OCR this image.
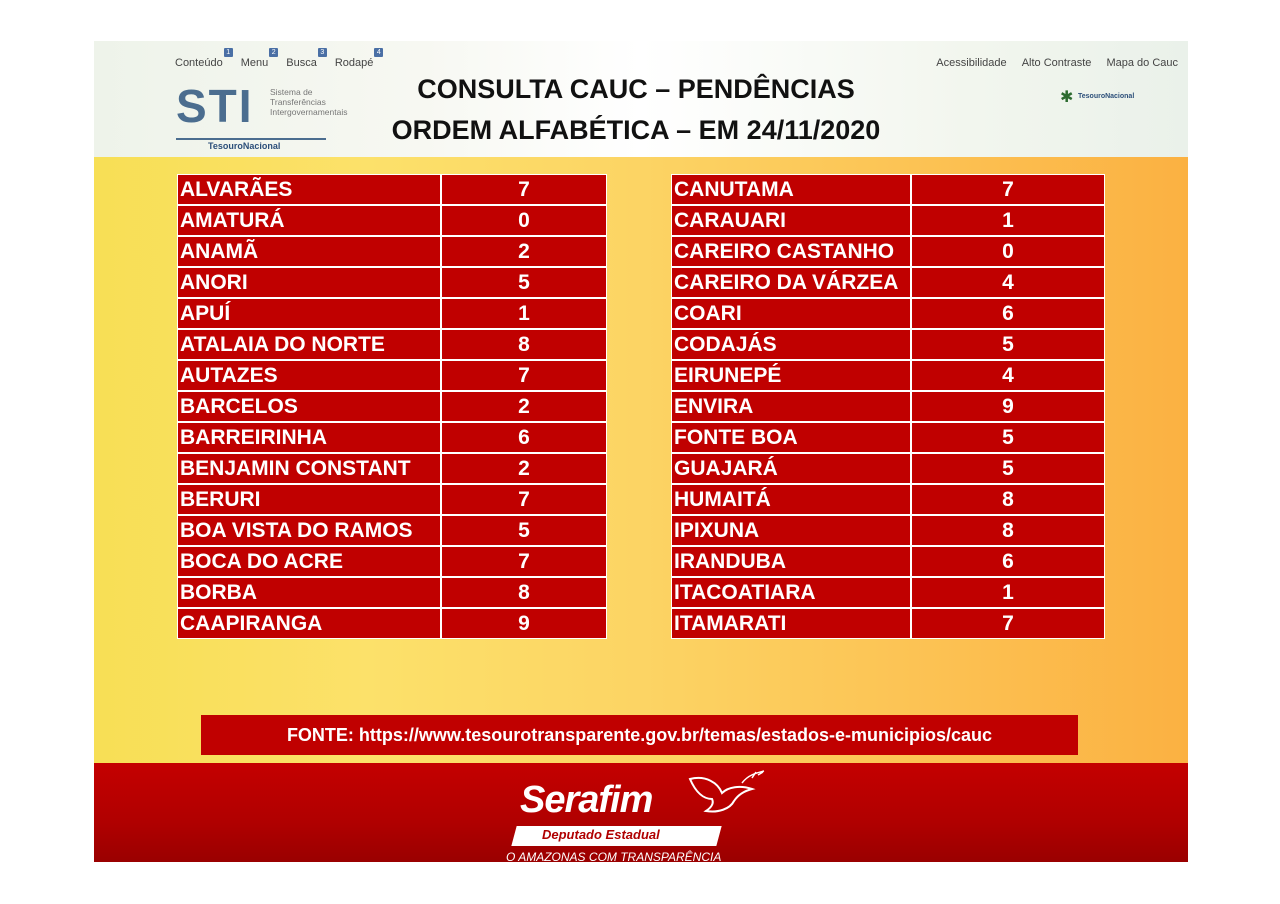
Conteúdo
1
Menu
2
Busca
3
Rodapé
4
Acessibilidade Alto Contraste Mapa do Cauc
STI Sistema de Transferências Intergovernamentais
TesouroNacional
✱ TesouroNacional
CONSULTA CAUC – PENDÊNCIAS
ORDEM ALFABÉTICA – EM 24/11/2020
ALVARÃES	7
AMATURÁ	0
ANAMÃ	2
ANORI	5
APUÍ	1
ATALAIA DO NORTE	8
AUTAZES	7
BARCELOS	2
BARREIRINHA	6
BENJAMIN CONSTANT	2
BERURI	7
BOA VISTA DO RAMOS	5
BOCA DO ACRE	7
BORBA	8
CAAPIRANGA	9
CANUTAMA	7
CARAUARI	1
CAREIRO CASTANHO	0
CAREIRO DA VÁRZEA	4
COARI	6
CODAJÁS	5
EIRUNEPÉ	4
ENVIRA	9
FONTE BOA	5
GUAJARÁ	5
HUMAITÁ	8
IPIXUNA	8
IRANDUBA	6
ITACOATIARA	1
ITAMARATI	7
FONTE: https://www.tesourotransparente.gov.br/temas/estados-e-municipios/cauc
Serafim
Deputado Estadual
O AMAZONAS COM TRANSPARÊNCIA
